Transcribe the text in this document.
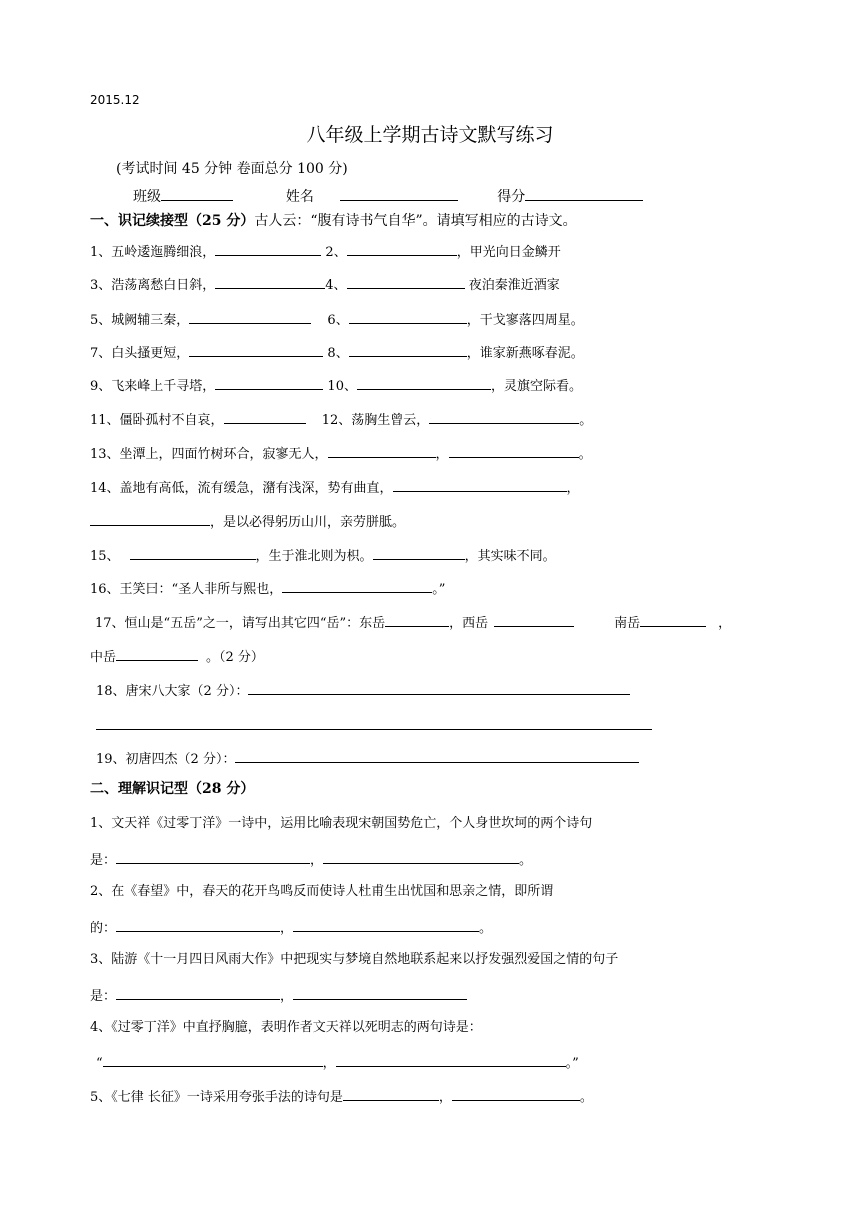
2015.12
八年级上学期古诗文默写练习
(考试时间 45 分钟 卷面总分 100 分)
班级	姓名	得分
一、识记续接型（25 分）古人云：“腹有诗书气自华”。请填写相应的古诗文。
1、五岭逶迤腾细浪，	2、	，甲光向日金鳞开
3、浩荡离愁白日斜，	4、	夜泊秦淮近酒家
5、城阙辅三秦，	6、	，干戈寥落四周星。
7、白头搔更短，	8、	，谁家新燕啄春泥。
9、飞来峰上千寻塔，	10、	，灵旗空际看。
11、僵卧孤村不自哀，	12、荡胸生曾云，	。
13、坐潭上，四面竹树环合，寂寥无人，	，	。
14、盖地有高低，流有缓急，潴有浅深，势有曲直，	，
，是以必得躬历山川，亲劳胼胝。
15、	，生于淮北则为枳。	，其实味不同。
16、王笑曰：“圣人非所与熙也，	。”
17、恒山是“五岳”之一，请写出其它四“岳”：东岳	，西岳	南岳	，
中岳	。（2 分）
18、唐宋八大家（2 分）：
19、初唐四杰（2 分）：
二、理解识记型（28 分）
1、文天祥《过零丁洋》一诗中，运用比喻表现宋朝国势危亡，个人身世坎坷的两个诗句
是：	，	。
2、在《春望》中，春天的花开鸟鸣反而使诗人杜甫生出忧国和思亲之情，即所谓
的：	，	。
3、陆游《十一月四日风雨大作》中把现实与梦境自然地联系起来以抒发强烈爱国之情的句子
是：	，
4、《过零丁洋》中直抒胸臆，表明作者文天祥以死明志的两句诗是：
“	，	。”
5、《七律 长征》一诗采用夸张手法的诗句是	，	。
